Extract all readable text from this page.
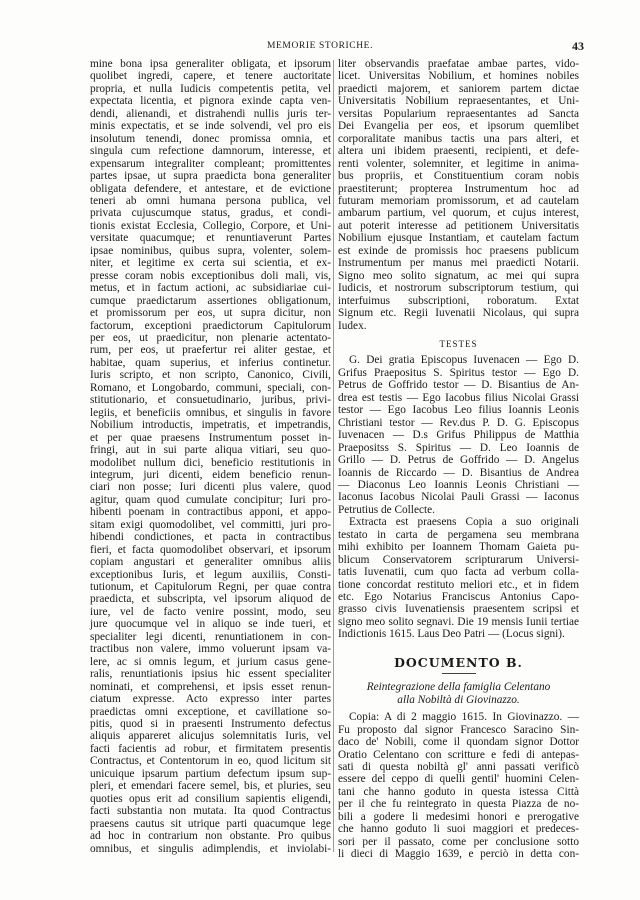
MEMORIE STORICHE.	43
mine bona ipsa generaliter obligata, et ipsorum
quolibet ingredi, capere, et tenere auctoritate
propria, et nulla Iudicis competentis petita, vel
expectata licentia, et pignora exinde capta ven-
dendi, alienandi, et distrahendi nullis juris ter-
minis expectatis, et se inde solvendi, vel pro eis
insolutum tenendi, donec promissa omnia, et
singula cum refectione damnorum, interesse, et
expensarum integraliter compleant; promittentes
partes ipsae, ut supra praedicta bona generaliter
obligata defendere, et antestare, et de evictione
teneri ab omni humana persona publica, vel
privata cujuscumque status, gradus, et condi-
tionis existat Ecclesia, Collegio, Corpore, et Uni-
versitate quacumque; et renuntiaverunt Partes
ipsae nominibus, quibus supra, volenter, solem-
niter, et legitime ex certa sui scientia, et ex-
presse coram nobis exceptionibus doli mali, vis,
metus, et in factum actioni, ac subsidiariae cui-
cumque praedictarum assertiones obligationum,
et promissorum per eos, ut supra dicitur, non
factorum, exceptioni praedictorum Capitulorum
per eos, ut praedicitur, non plenarie actentato-
rum, per eos, ut praefertur rei aliter gestae, et
habitae, quam superius, et inferius continetur.
Iuris scripto, et non scripto, Canonico, Civili,
Romano, et Longobardo, communi, speciali, con-
stitutionario, et consuetudinario, juribus, privi-
legiis, et beneficiis omnibus, et singulis in favore
Nobilium introductis, impetratis, et impetrandis,
et per quae praesens Instrumentum posset in-
fringi, aut in sui parte aliqua vitiari, seu quo-
modolibet nullum dici, beneficio restitutionis in
integrum, juri dicenti, eidem beneficio renun-
ciari non posse; Iuri dicenti plus valere, quod
agitur, quam quod cumulate concipitur; Iuri pro-
hibenti poenam in contractibus apponi, et appo-
sitam exigi quomodolibet, vel committi, juri pro-
hibendi condictiones, et pacta in contractibus
fieri, et facta quomodolibet observari, et ipsorum
copiam angustari et generaliter omnibus aliis
exceptionibus Iuris, et legum auxiliis, Consti-
tutionum, et Capitulorum Regni, per quae contra
praedicta, et subscripta, vel ipsorum aliquod de
iure, vel de facto venire possint, modo, seu
jure quocumque vel in aliquo se inde tueri, et
specialiter legi dicenti, renuntiationem in con-
tractibus non valere, immo voluerunt ipsam va-
lere, ac si omnis legum, et jurium casus gene-
ralis, renuntiationis ipsius hic essent specialiter
nominati, et comprehensi, et ipsis esset renun-
ciatum expresse. Acto expresso inter partes
praedictas omni exceptione, et cavillatione so-
pitis, quod si in praesenti Instrumento defectus
aliquis appareret alicujus solemnitatis Iuris, vel
facti facientis ad robur, et firmitatem presentis
Contractus, et Contentorum in eo, quod licitum sit
unicuique ipsarum partium defectum ipsum sup-
pleri, et emendari facere semel, bis, et pluries, seu
quoties opus erit ad consilium sapientis eligendi,
facti substantia non mutata. Ita quod Contractus
praesens cautus sit utrique parti quacumque lege
ad hoc in contrarium non obstante. Pro quibus
omnibus, et singulis adimplendis, et inviolabi-
liter observandis praefatae ambae partes, vido-
licet. Universitas Nobilium, et homines nobiles
praedicti majorem, et saniorem partem dictae
Universitatis Nobilium repraesentantes, et Uni-
versitas Popularium repraesentantes ad Sancta
Dei Evangelia per eos, et ipsorum quemlibet
corporalitate manibus tactis una pars alteri, et
altera uni ibidem praesenti, recipienti, et defe-
renti volenter, solemniter, et legitime in anima-
bus propriis, et Constituentium coram nobis
praestiterunt; propterea Instrumentum hoc ad
futuram memoriam promissorum, et ad cautelam
ambarum partium, vel quorum, et cujus interest,
aut poterit interesse ad petitionem Universitatis
Nobilium ejusque Instantiam, et cautelam factum
est exinde de promissis hoc praesens publicum
Instrumentum per manus mei praedicti Notarii.
Signo meo solito signatum, ac mei qui supra
Iudicis, et nostrorum subscriptorum testium, qui
interfuimus subscriptioni, roboratum. Extat
Signum etc. Regii Iuvenatii Nicolaus, qui supra
Iudex.
TESTES
G. Dei gratia Episcopus Iuvenacen — Ego D.
Grifus Praepositus S. Spiritus testor — Ego D.
Petrus de Goffrido testor — D. Bisantius de An-
drea est testis — Ego Iacobus filius Nicolai Grassi
testor — Ego Iacobus Leo filius Ioannis Leonis
Christiani testor — Rev.dus P. D. G. Episcopus
Iuvenacen — D.s Grifus Philippus de Matthia
Praepositss S. Spiritus — D. Leo Ioannis de
Grillo — D. Petrus de Goffrido — D. Angelus
Ioannis de Riccardo — D. Bisantius de Andrea
— Diaconus Leo Ioannis Leonis Christiani —
Iaconus Iacobus Nicolai Pauli Grassi — Iaconus
Petrutius de Collecte.
Extracta est praesens Copia a suo originali
testato in carta de pergamena seu membrana
mihi exhibito per Ioannem Thomam Gaieta pu-
blicum Conservatorem scripturarum Universi-
tatis Iuvenatii, cum quo facta ad verbum colla-
tione concordat restituto meliori etc., et in fidem
etc. Ego Notarius Franciscus Antonius Capo-
grasso civis Iuvenatiensis praesentem scripsi et
signo meo solito segnavi. Die 19 mensis Iunii tertiae
Indictionis 1615. Laus Deo Patri — (Locus signi).
DOCUMENTO B.
Reintegrazione della famiglia Celentano
alla Nobiltà di Giovinazzo.
Copia: A di 2 maggio 1615. In Giovinazzo. —
Fu proposto dal signor Francesco Saracino Sin-
daco de' Nobili, come il quondam signor Dottor
Oratio Celentano con scritture e fedi di antepas-
sati di questa nobiltà gl' anni passati verificò
essere del ceppo di quelli gentil' huomini Celen-
tani che hanno goduto in questa istessa Città
per il che fu reintegrato in questa Piazza de no-
bili a godere li medesimi honori e prerogative
che hanno goduto li suoi maggiori et predeces-
sori per il passato, come per conclusione sotto
li dieci di Maggio 1639, e perciò in detta con-
